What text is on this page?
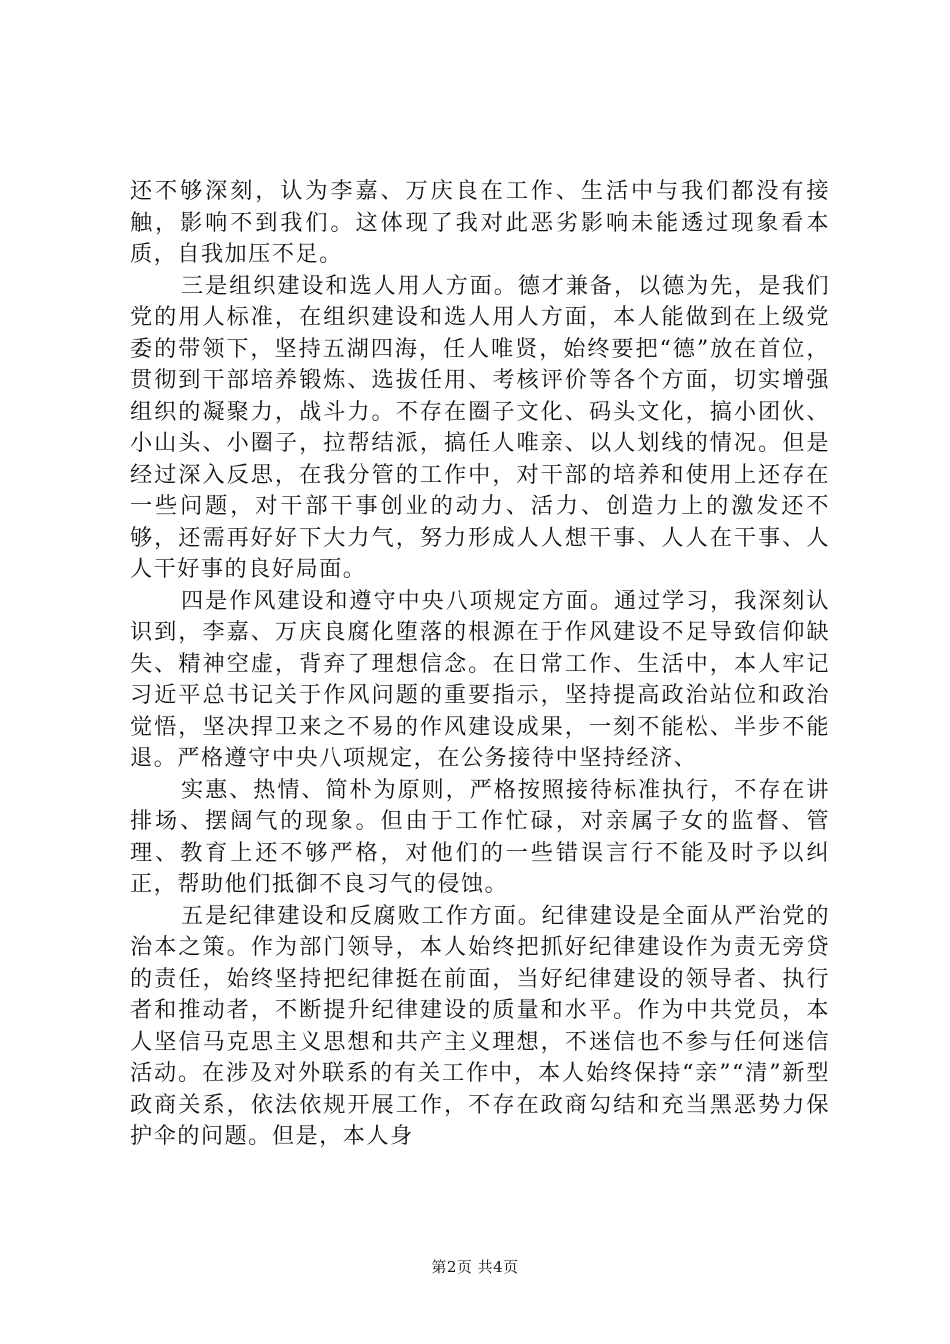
还不够深刻，认为李嘉、万庆良在工作、生活中与我们都没有接触，影响不到我们。这体现了我对此恶劣影响未能透过现象看本质，自我加压不足。

三是组织建设和选人用人方面。德才兼备，以德为先，是我们党的用人标准，在组织建设和选人用人方面，本人能做到在上级党委的带领下，坚持五湖四海，任人唯贤，始终要把“德”放在首位，贯彻到干部培养锻炼、选拔任用、考核评价等各个方面，切实增强组织的凝聚力，战斗力。不存在圈子文化、码头文化，搞小团伙、小山头、小圈子，拉帮结派，搞任人唯亲、以人划线的情况。但是经过深入反思，在我分管的工作中，对干部的培养和使用上还存在一些问题，对干部干事创业的动力、活力、创造力上的激发还不够，还需再好好下大力气，努力形成人人想干事、人人在干事、人人干好事的良好局面。

四是作风建设和遵守中央八项规定方面。通过学习，我深刻认识到，李嘉、万庆良腐化堕落的根源在于作风建设不足导致信仰缺失、精神空虚，背弃了理想信念。在日常工作、生活中，本人牢记习近平总书记关于作风问题的重要指示，坚持提高政治站位和政治觉悟，坚决捍卫来之不易的作风建设成果，一刻不能松、半步不能退。严格遵守中央八项规定，在公务接待中坚持经济、

实惠、热情、简朴为原则，严格按照接待标准执行，不存在讲排场、摆阔气的现象。但由于工作忙碌，对亲属子女的监督、管理、教育上还不够严格，对他们的一些错误言行不能及时予以纠正，帮助他们抵御不良习气的侵蚀。

五是纪律建设和反腐败工作方面。纪律建设是全面从严治党的治本之策。作为部门领导，本人始终把抓好纪律建设作为责无旁贷的责任，始终坚持把纪律挺在前面，当好纪律建设的领导者、执行者和推动者，不断提升纪律建设的质量和水平。作为中共党员，本人坚信马克思主义思想和共产主义理想，不迷信也不参与任何迷信活动。在涉及对外联系的有关工作中，本人始终保持“亲”“清”新型政商关系，依法依规开展工作，不存在政商勾结和充当黑恶势力保护伞的问题。但是，本人身

第2页 共4页
